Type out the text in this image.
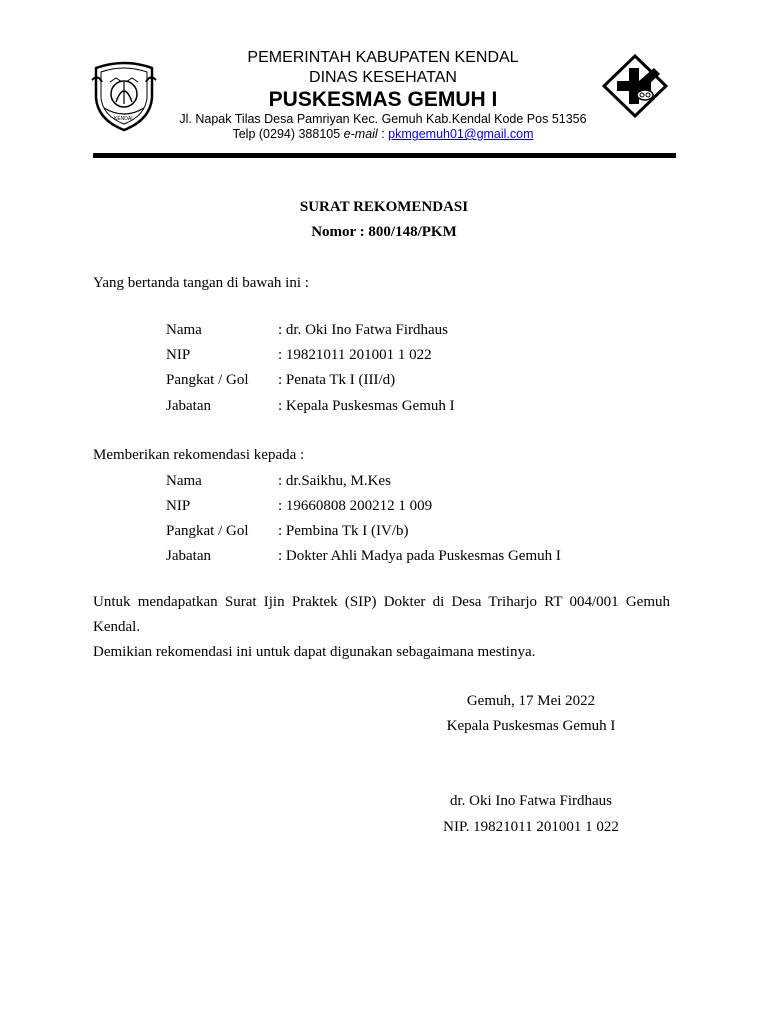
KENDAL
PEMERINTAH KABUPATEN KENDAL
DINAS KESEHATAN
PUSKESMAS GEMUH I
Jl. Napak Tilas Desa Pamriyan Kec. Gemuh Kab.Kendal Kode Pos 51356
Telp (0294) 388105 e-mail : pkmgemuh01@gmail.com
SURAT REKOMENDASI
Nomor : 800/148/PKM
Yang bertanda tangan di bawah ini :
Nama	: dr. Oki Ino Fatwa Firdhaus
NIP	: 19821011 201001 1 022
Pangkat / Gol : Penata Tk I (III/d)
Jabatan	: Kepala Puskesmas Gemuh I
Memberikan rekomendasi kepada :
Nama	: dr.Saikhu, M.Kes
NIP	: 19660808 200212 1 009
Pangkat / Gol : Pembina Tk I (IV/b)
Jabatan	: Dokter Ahli Madya pada Puskesmas Gemuh I
Untuk mendapatkan Surat Ijin Praktek (SIP) Dokter di Desa Triharjo RT 004/001 Gemuh Kendal.
Demikian rekomendasi ini untuk dapat digunakan sebagaimana mestinya.
Gemuh, 17 Mei 2022
Kepala Puskesmas Gemuh I
dr. Oki Ino Fatwa Firdhaus
NIP. 19821011 201001 1 022
